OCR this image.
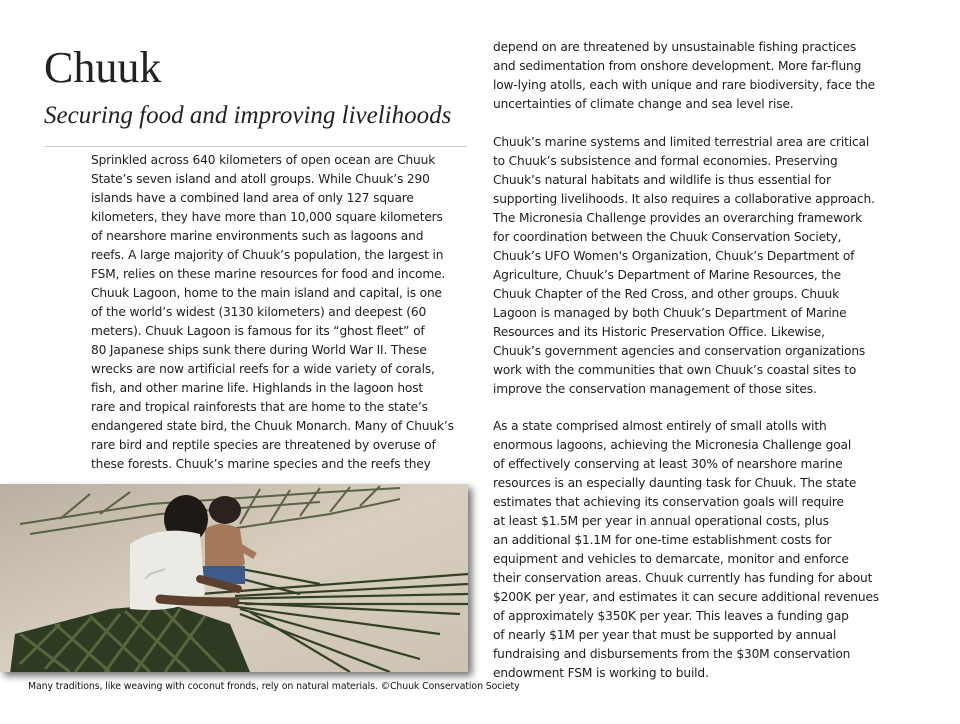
Chuuk
Securing food and improving livelihoods
Sprinkled across 640 kilometers of open ocean are Chuuk
State’s seven island and atoll groups. While Chuuk’s 290
islands have a combined land area of only 127 square
kilometers, they have more than 10,000 square kilometers
of nearshore marine environments such as lagoons and
reefs. A large majority of Chuuk’s population, the largest in
FSM, relies on these marine resources for food and income.
Chuuk Lagoon, home to the main island and capital, is one
of the world’s widest (3130 kilometers) and deepest (60
meters). Chuuk Lagoon is famous for its “ghost fleet” of
80 Japanese ships sunk there during World War II. These
wrecks are now artificial reefs for a wide variety of corals,
fish, and other marine life. Highlands in the lagoon host
rare and tropical rainforests that are home to the state’s
endangered state bird, the Chuuk Monarch. Many of Chuuk’s
rare bird and reptile species are threatened by overuse of
these forests. Chuuk’s marine species and the reefs they
depend on are threatened by unsustainable fishing practices
and sedimentation from onshore development. More far-flung
low-lying atolls, each with unique and rare biodiversity, face the
uncertainties of climate change and sea level rise.
Chuuk’s marine systems and limited terrestrial area are critical
to Chuuk’s subsistence and formal economies. Preserving
Chuuk’s natural habitats and wildlife is thus essential for
supporting livelihoods. It also requires a collaborative approach.
The Micronesia Challenge provides an overarching framework
for coordination between the Chuuk Conservation Society,
Chuuk’s UFO Women's Organization, Chuuk’s Department of
Agriculture, Chuuk’s Department of Marine Resources, the
Chuuk Chapter of the Red Cross, and other groups. Chuuk
Lagoon is managed by both Chuuk’s Department of Marine
Resources and its Historic Preservation Office. Likewise,
Chuuk’s government agencies and conservation organizations
work with the communities that own Chuuk’s coastal sites to
improve the conservation management of those sites.
As a state comprised almost entirely of small atolls with
enormous lagoons, achieving the Micronesia Challenge goal
of effectively conserving at least 30% of nearshore marine
resources is an especially daunting task for Chuuk. The state
estimates that achieving its conservation goals will require
at least $1.5M per year in annual operational costs, plus
an additional $1.1M for one-time establishment costs for
equipment and vehicles to demarcate, monitor and enforce
their conservation areas. Chuuk currently has funding for about
$200K per year, and estimates it can secure additional revenues
of approximately $350K per year. This leaves a funding gap
of nearly $1M per year that must be supported by annual
fundraising and disbursements from the $30M conservation
endowment FSM is working to build.
Many traditions, like weaving with coconut fronds, rely on natural materials. ©Chuuk Conservation Society
